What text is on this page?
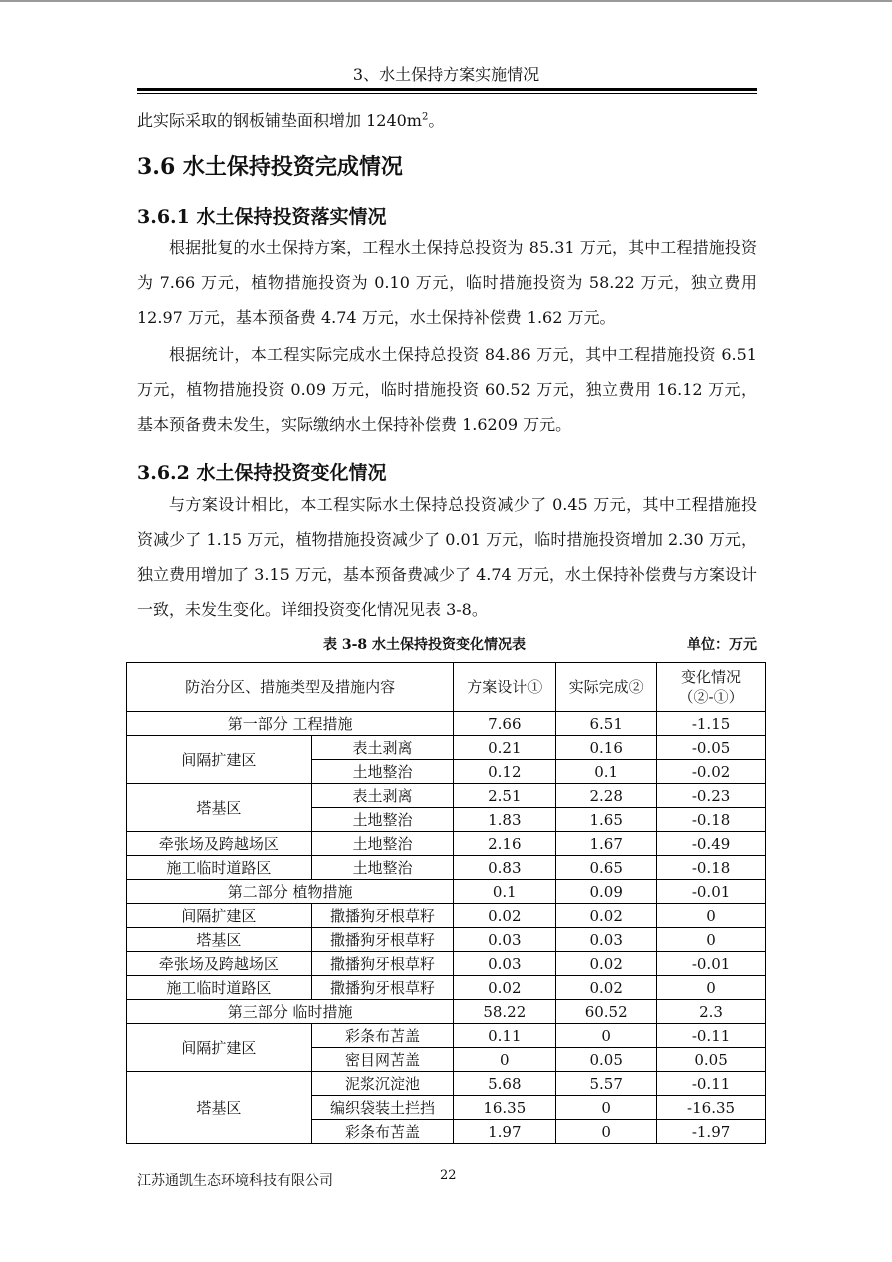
3、水土保持方案实施情况
此实际采取的钢板铺垫面积增加 $1240m^2$。
3.6 水土保持投资完成情况
3.6.1 水土保持投资落实情况
根据批复的水土保持方案，工程水土保持总投资为 85.31 万元，其中工程措施投资为 7.66 万元，植物措施投资为 0.10 万元，临时措施投资为 58.22 万元，独立费用 12.97 万元，基本预备费 4.74 万元，水土保持补偿费 1.62 万元。
根据统计，本工程实际完成水土保持总投资 84.86 万元，其中工程措施投资 6.51 万元，植物措施投资 0.09 万元，临时措施投资 60.52 万元，独立费用 16.12 万元，基本预备费未发生，实际缴纳水土保持补偿费 1.6209 万元。
3.6.2 水土保持投资变化情况
与方案设计相比，本工程实际水土保持总投资减少了 0.45 万元，其中工程措施投资减少了 1.15 万元，植物措施投资减少了 0.01 万元，临时措施投资增加 2.30 万元，独立费用增加了 3.15 万元，基本预备费减少了 4.74 万元，水土保持补偿费与方案设计一致，未发生变化。详细投资变化情况见表 3-8。
表 3-8 水土保持投资变化情况表	单位：万元
防治分区、措施类型及措施内容		方案设计①	实际完成②	变化情况
（②-①）
第一部分 工程措施		7.66	6.51	-1.15
间隔扩建区	表土剥离	0.21	0.16	-0.05
	土地整治	0.12	0.1	-0.02
塔基区	表土剥离	2.51	2.28	-0.23
	土地整治	1.83	1.65	-0.18
牵张场及跨越场区	土地整治	2.16	1.67	-0.49
施工临时道路区	土地整治	0.83	0.65	-0.18
第二部分 植物措施		0.1	0.09	-0.01
间隔扩建区	撒播狗牙根草籽	0.02	0.02	0
塔基区	撒播狗牙根草籽	0.03	0.03	0
牵张场及跨越场区	撒播狗牙根草籽	0.03	0.02	-0.01
施工临时道路区	撒播狗牙根草籽	0.02	0.02	0
第三部分 临时措施		58.22	60.52	2.3
间隔扩建区	彩条布苫盖	0.11	0	-0.11
	密目网苫盖	0	0.05	0.05
塔基区	泥浆沉淀池	5.68	5.57	-0.11
	编织袋装土拦挡	16.35	0	-16.35
	彩条布苫盖	1.97	0	-1.97
江苏通凯生态环境科技有限公司	22
